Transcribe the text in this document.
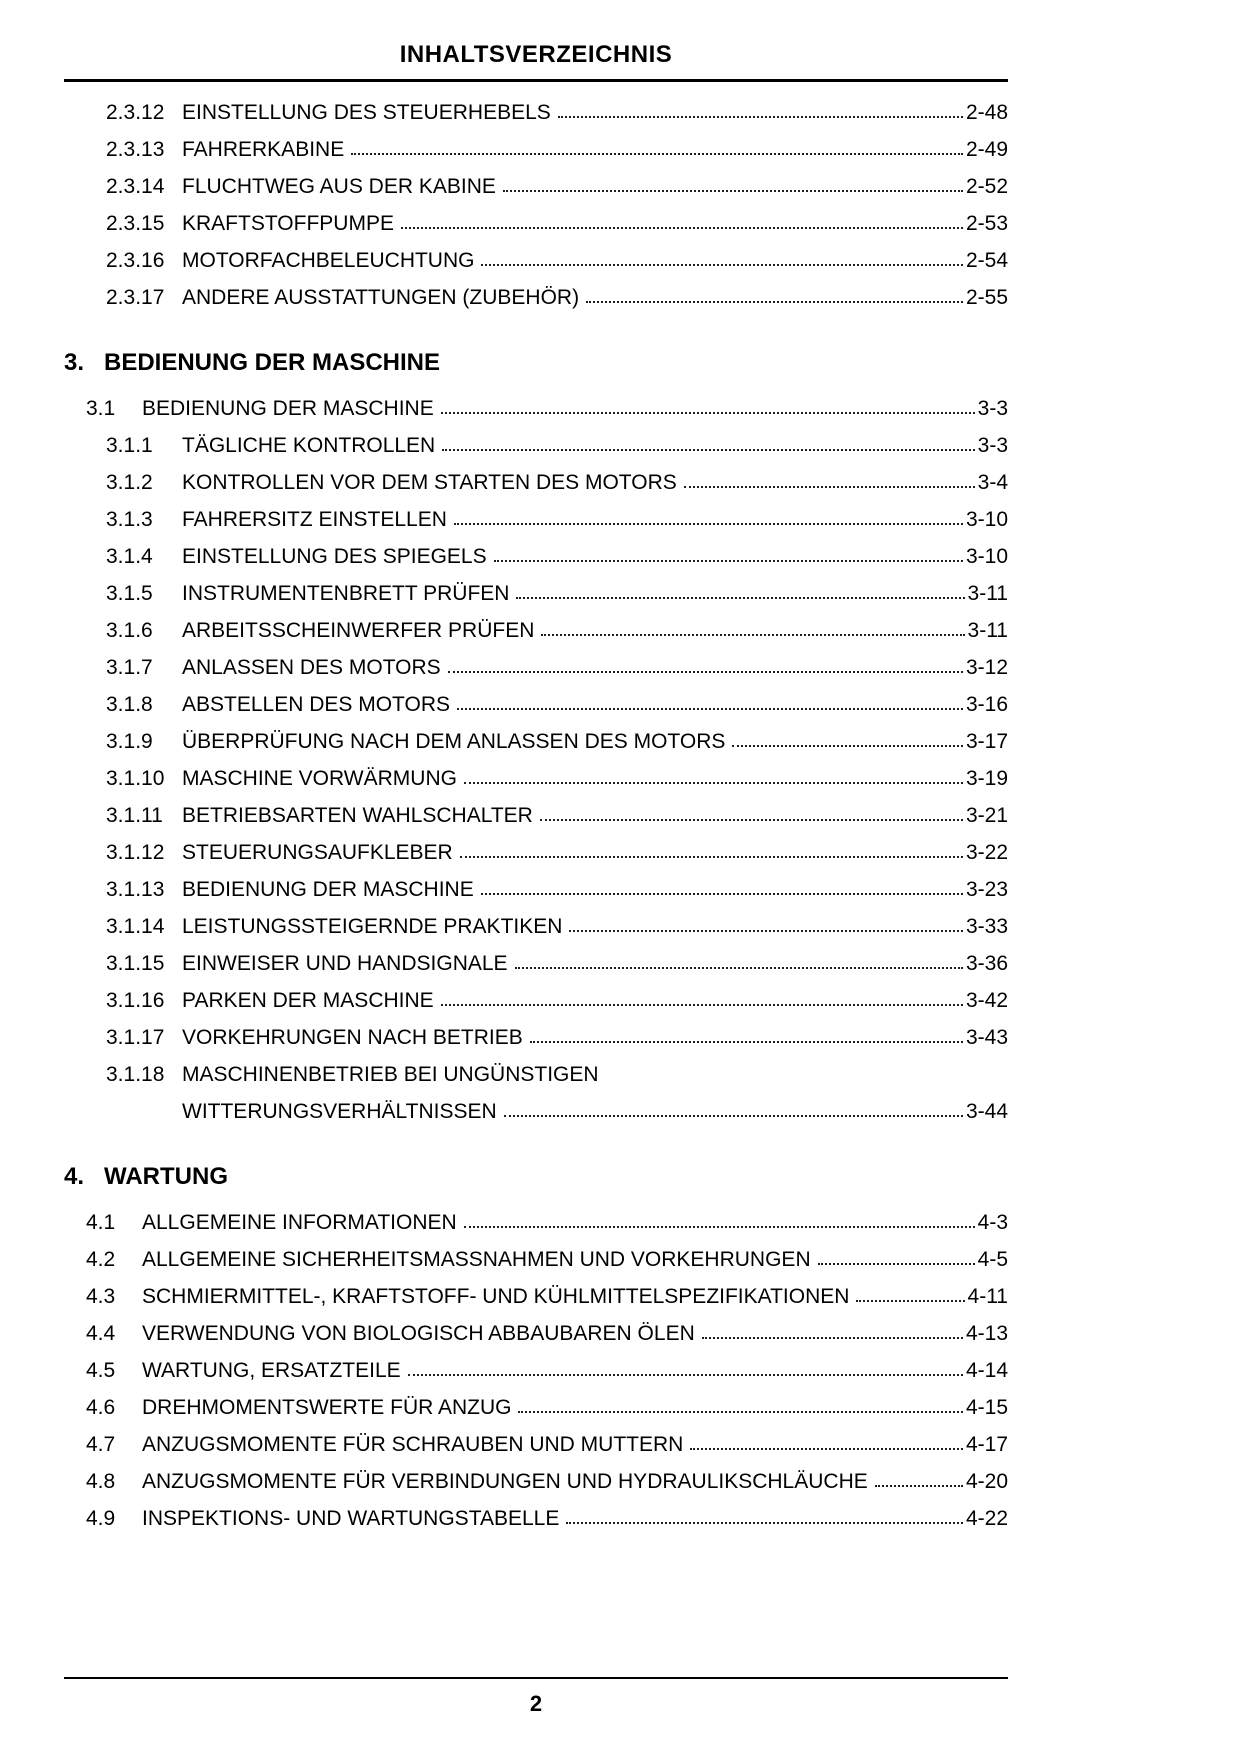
INHALTSVERZEICHNIS
2.3.12 EINSTELLUNG DES STEUERHEBELS	2-48
2.3.13 FAHRERKABINE	2-49
2.3.14 FLUCHTWEG AUS DER KABINE	2-52
2.3.15 KRAFTSTOFFPUMPE	2-53
2.3.16 MOTORFACHBELEUCHTUNG	2-54
2.3.17 ANDERE AUSSTATTUNGEN (ZUBEHÖR)	2-55
3. BEDIENUNG DER MASCHINE
3.1	BEDIENUNG DER MASCHINE	3-3
3.1.1	TÄGLICHE KONTROLLEN	3-3
3.1.2	KONTROLLEN VOR DEM STARTEN DES MOTORS	3-4
3.1.3	FAHRERSITZ EINSTELLEN	3-10
3.1.4	EINSTELLUNG DES SPIEGELS	3-10
3.1.5	INSTRUMENTENBRETT PRÜFEN	3-11
3.1.6	ARBEITSSCHEINWERFER PRÜFEN	3-11
3.1.7	ANLASSEN DES MOTORS	3-12
3.1.8	ABSTELLEN DES MOTORS	3-16
3.1.9	ÜBERPRÜFUNG NACH DEM ANLASSEN DES MOTORS	3-17
3.1.10 MASCHINE VORWÄRMUNG	3-19
3.1.11 BETRIEBSARTEN WAHLSCHALTER	3-21
3.1.12 STEUERUNGSAUFKLEBER	3-22
3.1.13 BEDIENUNG DER MASCHINE	3-23
3.1.14 LEISTUNGSSTEIGERNDE PRAKTIKEN	3-33
3.1.15 EINWEISER UND HANDSIGNALE	3-36
3.1.16 PARKEN DER MASCHINE	3-42
3.1.17 VORKEHRUNGEN NACH BETRIEB	3-43
3.1.18 MASCHINENBETRIEB BEI UNGÜNSTIGEN
WITTERUNGSVERHÄLTNISSEN	3-44
4. WARTUNG
4.1	ALLGEMEINE INFORMATIONEN	4-3
4.2	ALLGEMEINE SICHERHEITSMASSNAHMEN UND VORKEHRUNGEN	4-5
4.3	SCHMIERMITTEL-, KRAFTSTOFF- UND KÜHLMITTELSPEZIFIKATIONEN	4-11
4.4	VERWENDUNG VON BIOLOGISCH ABBAUBAREN ÖLEN	4-13
4.5	WARTUNG, ERSATZTEILE	4-14
4.6	DREHMOMENTSWERTE FÜR ANZUG	4-15
4.7	ANZUGSMOMENTE FÜR SCHRAUBEN UND MUTTERN	4-17
4.8	ANZUGSMOMENTE FÜR VERBINDUNGEN UND HYDRAULIKSCHLÄUCHE	4-20
4.9	INSPEKTIONS- UND WARTUNGSTABELLE	4-22
2
